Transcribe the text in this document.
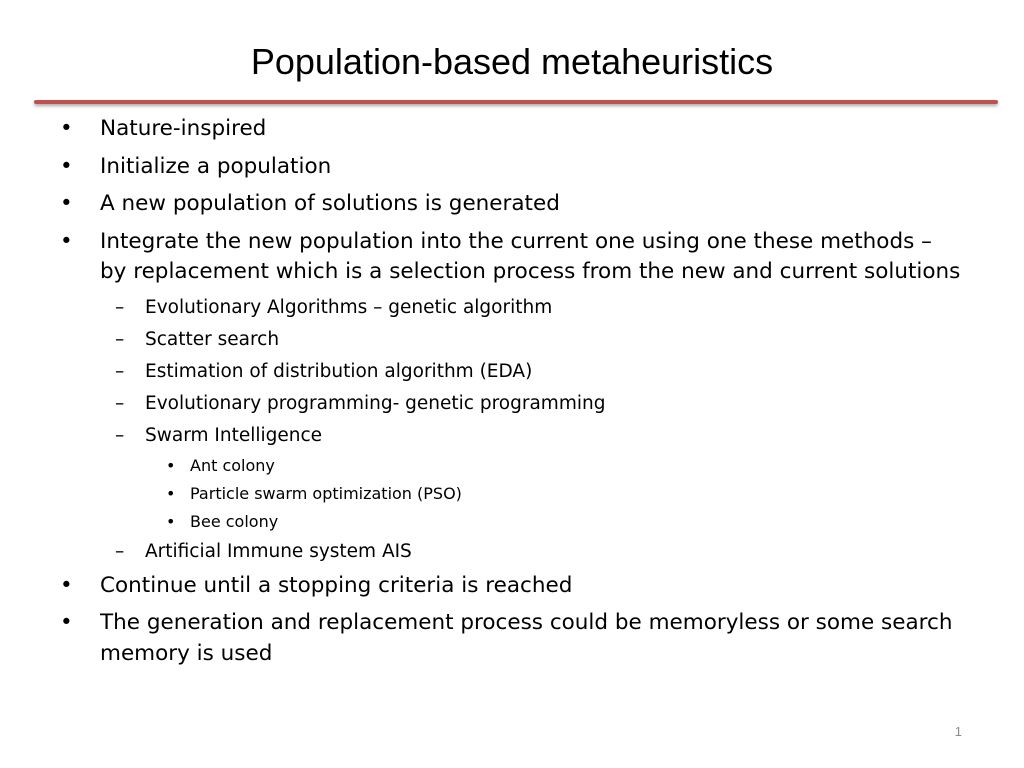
Population-based metaheuristics
• Nature-inspired
• Initialize a population
• A new population of solutions is generated
• Integrate the new population into the current one using one these methods – by replacement which is a selection process from the new and current solutions
– Evolutionary Algorithms – genetic algorithm
– Scatter search
– Estimation of distribution algorithm (EDA)
– Evolutionary programming- genetic programming
– Swarm Intelligence
• Ant colony
• Particle swarm optimization (PSO)
• Bee colony
– Artificial Immune system AIS
• Continue until a stopping criteria is reached
• The generation and replacement process could be memoryless or some search memory is used
1
